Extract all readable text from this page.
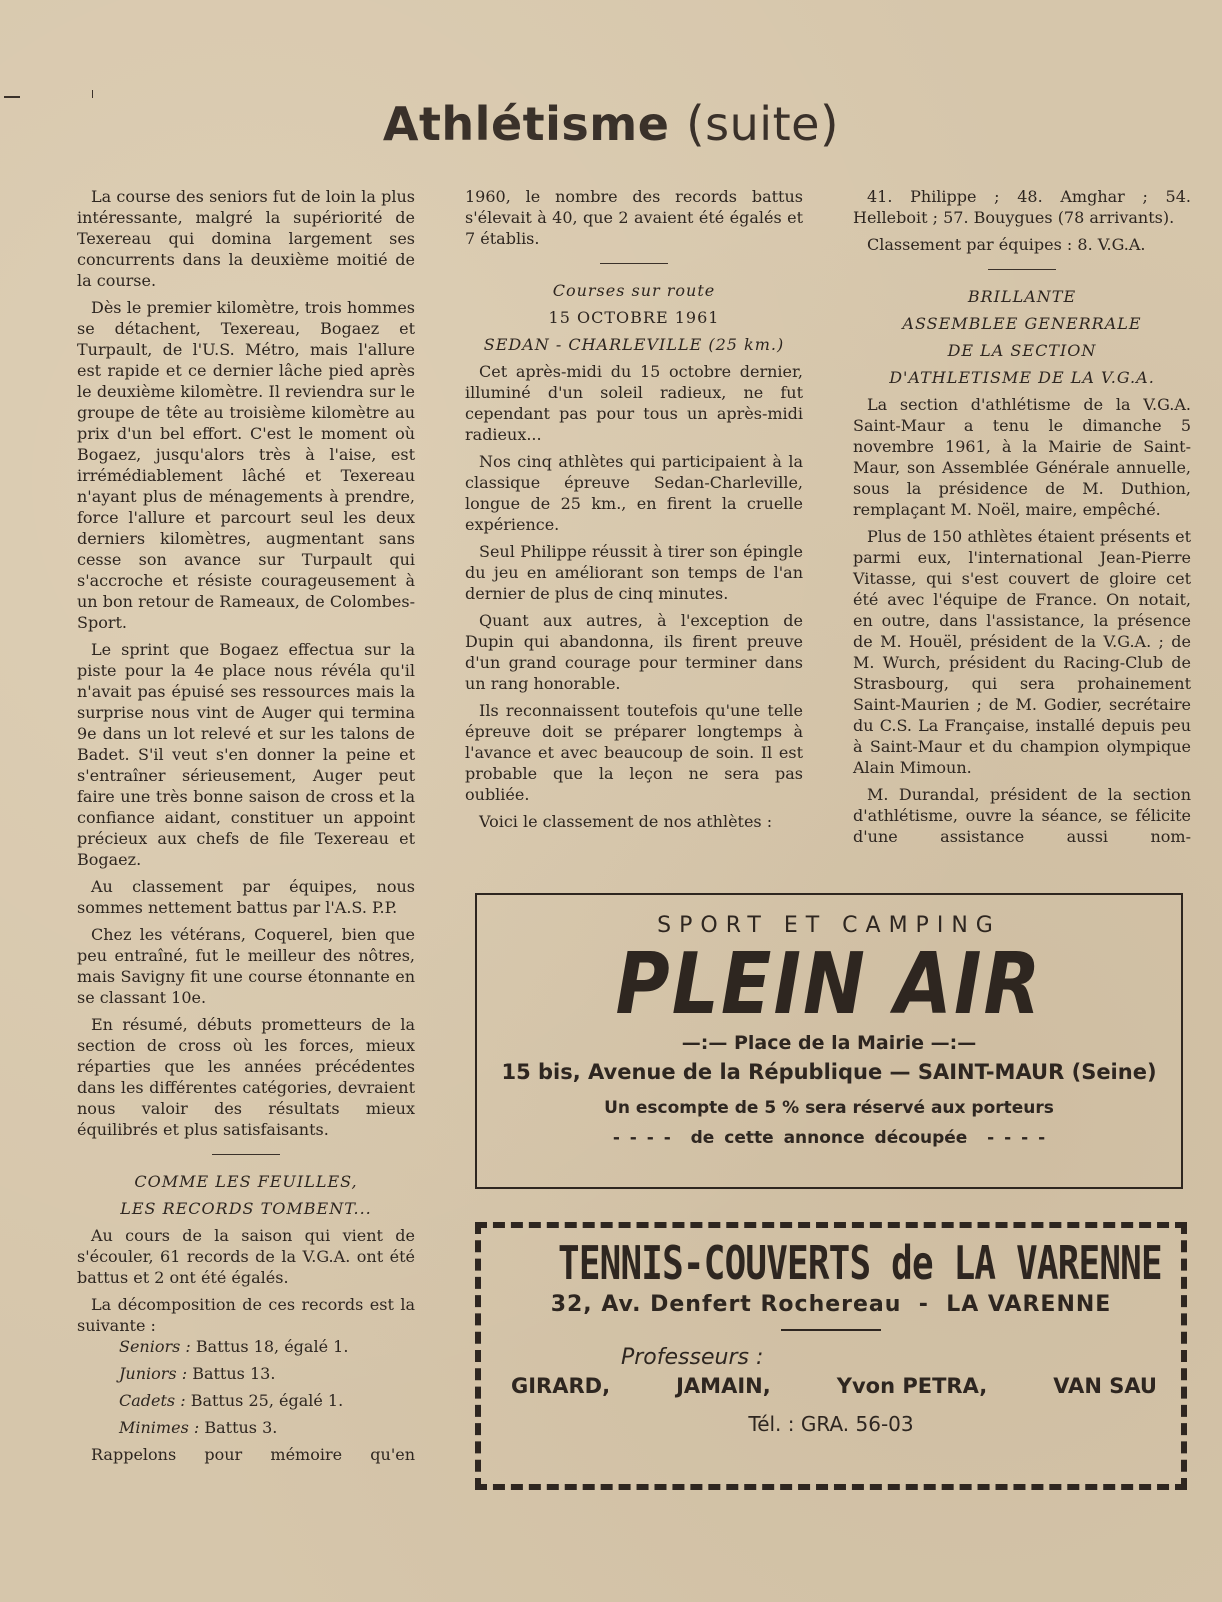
Athlétisme (suite)

La course des seniors fut de loin la plus intéressante, malgré la supériorité de Texereau qui domina largement ses concurrents dans la deuxième moitié de la course.

Dès le premier kilomètre, trois hommes se détachent, Texereau, Bogaez et Turpault, de l'U.S. Métro, mais l'allure est rapide et ce dernier lâche pied après le deuxième kilomètre. Il reviendra sur le groupe de tête au troisième kilomètre au prix d'un bel effort. C'est le moment où Bogaez, jusqu'alors très à l'aise, est irrémédiablement lâché et Texereau n'ayant plus de ménagements à prendre, force l'allure et parcourt seul les deux derniers kilomètres, augmentant sans cesse son avance sur Turpault qui s'accroche et résiste courageusement à un bon retour de Rameaux, de Colombes-Sport.

Le sprint que Bogaez effectua sur la piste pour la 4e place nous révéla qu'il n'avait pas épuisé ses ressources mais la surprise nous vint de Auger qui termina 9e dans un lot relevé et sur les talons de Badet. S'il veut s'en donner la peine et s'entraîner sérieusement, Auger peut faire une très bonne saison de cross et la confiance aidant, constituer un appoint précieux aux chefs de file Texereau et Bogaez.

Au classement par équipes, nous sommes nettement battus par l'A.S. P.P.

Chez les vétérans, Coquerel, bien que peu entraîné, fut le meilleur des nôtres, mais Savigny fit une course étonnante en se classant 10e.

En résumé, débuts prometteurs de la section de cross où les forces, mieux réparties que les années précédentes dans les différentes catégories, devraient nous valoir des résultats mieux équilibrés et plus satisfaisants.

COMME LES FEUILLES,

LES RECORDS TOMBENT...

Au cours de la saison qui vient de s'écouler, 61 records de la V.G.A. ont été battus et 2 ont été égalés.

La décomposition de ces records est la suivante :

Seniors : Battus 18, égalé 1.

Juniors : Battus 13.

Cadets : Battus 25, égalé 1.

Minimes : Battus 3.

Rappelons pour mémoire qu'en

1960, le nombre des records battus s'élevait à 40, que 2 avaient été égalés et 7 établis.

Courses sur route

15 OCTOBRE 1961

SEDAN - CHARLEVILLE (25 km.)

Cet après-midi du 15 octobre dernier, illuminé d'un soleil radieux, ne fut cependant pas pour tous un après-midi radieux...

Nos cinq athlètes qui participaient à la classique épreuve Sedan-Charleville, longue de 25 km., en firent la cruelle expérience.

Seul Philippe réussit à tirer son épingle du jeu en améliorant son temps de l'an dernier de plus de cinq minutes.

Quant aux autres, à l'exception de Dupin qui abandonna, ils firent preuve d'un grand courage pour terminer dans un rang honorable.

Ils reconnaissent toutefois qu'une telle épreuve doit se préparer longtemps à l'avance et avec beaucoup de soin. Il est probable que la leçon ne sera pas oubliée.

Voici le classement de nos athlètes :

41. Philippe ; 48. Amghar ; 54. Helleboit ; 57. Bouygues (78 arrivants).

Classement par équipes : 8. V.G.A.

BRILLANTE

ASSEMBLEE GENERRALE

DE LA SECTION

D'ATHLETISME DE LA V.G.A.

La section d'athlétisme de la V.G.A. Saint-Maur a tenu le dimanche 5 novembre 1961, à la Mairie de Saint-Maur, son Assemblée Générale annuelle, sous la présidence de M. Duthion, remplaçant M. Noël, maire, empêché.

Plus de 150 athlètes étaient présents et parmi eux, l'international Jean-Pierre Vitasse, qui s'est couvert de gloire cet été avec l'équipe de France. On notait, en outre, dans l'assistance, la présence de M. Houël, président de la V.G.A. ; de M. Wurch, président du Racing-Club de Strasbourg, qui sera prohainement Saint-Maurien ; de M. Godier, secrétaire du C.S. La Française, installé depuis peu à Saint-Maur et du champion olympique Alain Mimoun.

M. Durandal, président de la section d'athlétisme, ouvre la séance, se félicite d'une assistance aussi nom-

SPORT ET CAMPING
PLEIN AIR
—:— Place de la Mairie —:—
15 bis, Avenue de la République — SAINT-MAUR (Seine)
Un escompte de 5 % sera réservé aux porteurs
- - - -  de cette annonce découpée  - - - -
TENNIS-COUVERTS de LA VARENNE
32, Av. Denfert Rochereau  -  LA VARENNE
Professeurs :
GIRARD,	JAMAIN,	Yvon PETRA,	VAN SAU
Tél. : GRA. 56-03
